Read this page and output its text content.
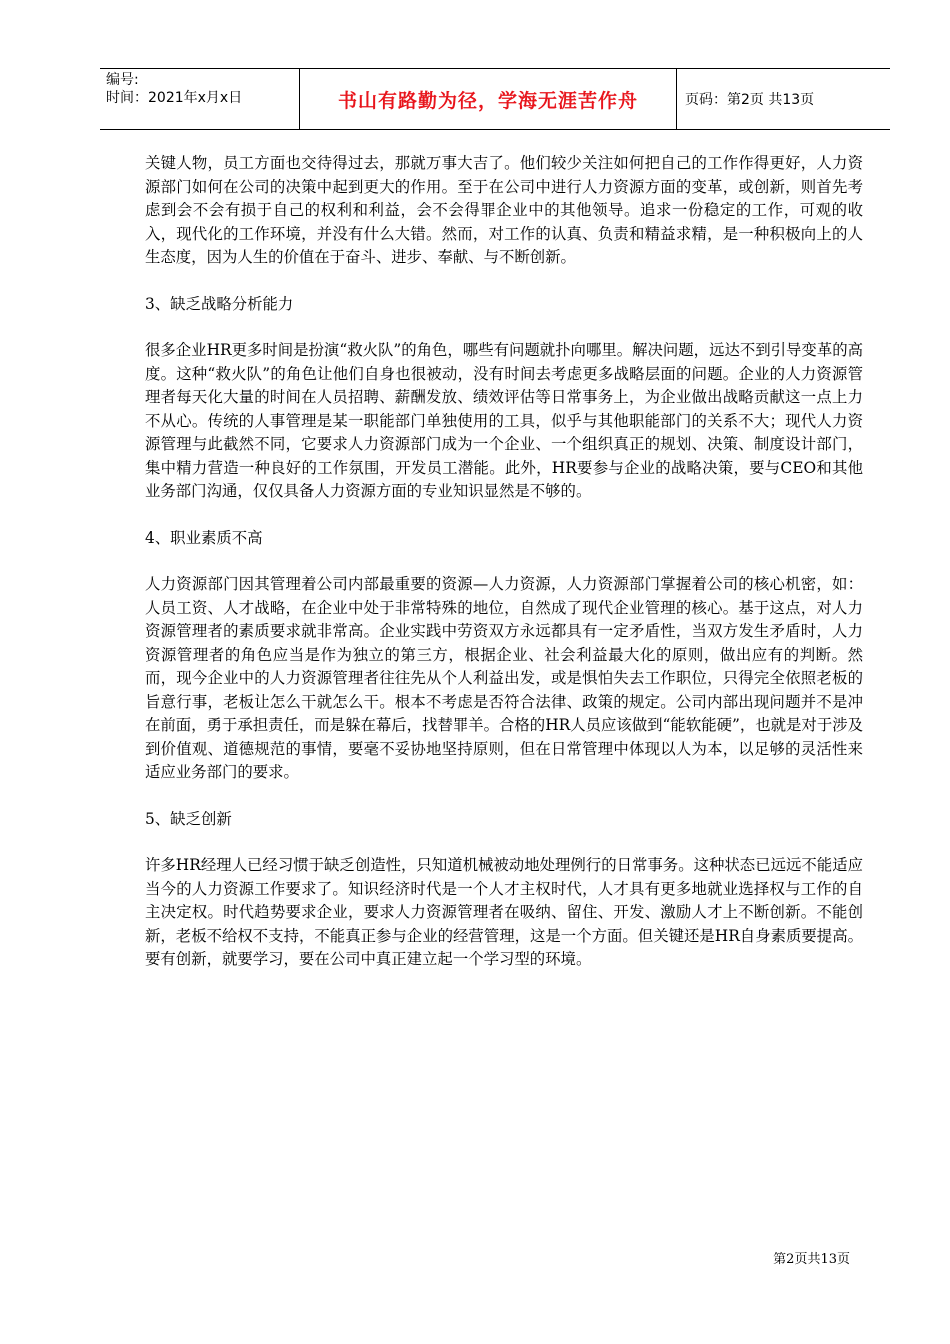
编号:
时间：2021年x月x日	书山有路勤为径，学海无涯苦作舟	页码：第2页 共13页

关键人物，员工方面也交待得过去，那就万事大吉了。他们较少关注如何把自己的工作作得更好，人力资源部门如何在公司的决策中起到更大的作用。至于在公司中进行人力资源方面的变革，或创新，则首先考虑到会不会有损于自己的权利和利益，会不会得罪企业中的其他领导。追求一份稳定的工作，可观的收入，现代化的工作环境，并没有什么大错。然而，对工作的认真、负责和精益求精，是一种积极向上的人生态度，因为人生的价值在于奋斗、进步、奉献、与不断创新。

3、缺乏战略分析能力

很多企业HR更多时间是扮演“救火队”的角色，哪些有问题就扑向哪里。解决问题，远达不到引导变革的高度。这种“救火队”的角色让他们自身也很被动，没有时间去考虑更多战略层面的问题。企业的人力资源管理者每天化大量的时间在人员招聘、薪酬发放、绩效评估等日常事务上，为企业做出战略贡献这一点上力不从心。传统的人事管理是某一职能部门单独使用的工具，似乎与其他职能部门的关系不大；现代人力资源管理与此截然不同，它要求人力资源部门成为一个企业、一个组织真正的规划、决策、制度设计部门，集中精力营造一种良好的工作氛围，开发员工潜能。此外，HR要参与企业的战略决策，要与CEO和其他业务部门沟通，仅仅具备人力资源方面的专业知识显然是不够的。

4、职业素质不高

人力资源部门因其管理着公司内部最重要的资源—人力资源，人力资源部门掌握着公司的核心机密，如：人员工资、人才战略，在企业中处于非常特殊的地位，自然成了现代企业管理的核心。基于这点，对人力资源管理者的素质要求就非常高。企业实践中劳资双方永远都具有一定矛盾性，当双方发生矛盾时，人力资源管理者的角色应当是作为独立的第三方，根据企业、社会利益最大化的原则，做出应有的判断。然而，现今企业中的人力资源管理者往往先从个人利益出发，或是惧怕失去工作职位，只得完全依照老板的旨意行事，老板让怎么干就怎么干。根本不考虑是否符合法律、政策的规定。公司内部出现问题并不是冲在前面，勇于承担责任，而是躲在幕后，找替罪羊。合格的HR人员应该做到“能软能硬”，也就是对于涉及到价值观、道德规范的事情，要毫不妥协地坚持原则，但在日常管理中体现以人为本，以足够的灵活性来适应业务部门的要求。

5、缺乏创新

许多HR经理人已经习惯于缺乏创造性，只知道机械被动地处理例行的日常事务。这种状态已远远不能适应当今的人力资源工作要求了。知识经济时代是一个人才主权时代，人才具有更多地就业选择权与工作的自主决定权。时代趋势要求企业，要求人力资源管理者在吸纳、留住、开发、激励人才上不断创新。不能创新，老板不给权不支持，不能真正参与企业的经营管理，这是一个方面。但关键还是HR自身素质要提高。要有创新，就要学习，要在公司中真正建立起一个学习型的环境。

第2页共13页
